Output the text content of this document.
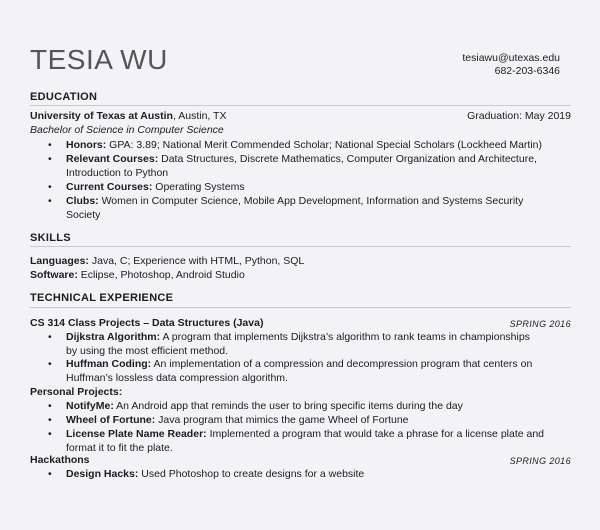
TESIA WU	tesiawu@utexas.edu
682-203-6346
EDUCATION
University of Texas at Austin, Austin, TX	Graduation: May 2019
Bachelor of Science in Computer Science
• Honors: GPA: 3.89; National Merit Commended Scholar; National Special Scholars (Lockheed Martin)
• Relevant Courses: Data Structures, Discrete Mathematics, Computer Organization and Architecture,
Introduction to Python
• Current Courses: Operating Systems
• Clubs: Women in Computer Science, Mobile App Development, Information and Systems Security
Society
SKILLS
Languages: Java, C; Experience with HTML, Python, SQL
Software: Eclipse, Photoshop, Android Studio
TECHNICAL EXPERIENCE
CS 314 Class Projects – Data Structures (Java)	SPRING 2016
• Dijkstra Algorithm: A program that implements Dijkstra’s algorithm to rank teams in championships
by using the most efficient method.
• Huffman Coding: An implementation of a compression and decompression program that centers on
Huffman’s lossless data compression algorithm.
Personal Projects:
• NotifyMe: An Android app that reminds the user to bring specific items during the day
• Wheel of Fortune: Java program that mimics the game Wheel of Fortune
• License Plate Name Reader: Implemented a program that would take a phrase for a license plate and
format it to fit the plate.
Hackathons	SPRING 2016
• Design Hacks: Used Photoshop to create designs for a website
